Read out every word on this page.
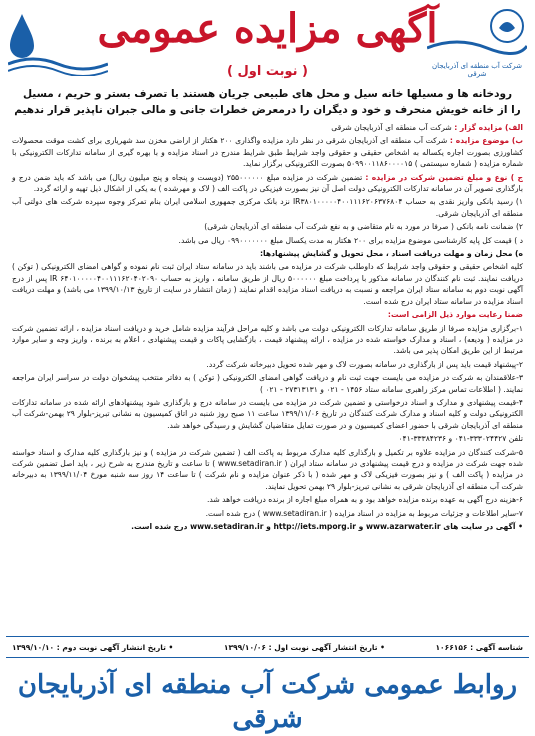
آگهی مزایده عمومی
( نوبت اول )	شرکت آب منطقه ای آذربایجان شرقی
رودخانه ها و مسیلها خانه سیل و محل های طبیعی جریان هستند با تصرف بستر و حریم ، مسیل
را از خانه خویش منحرف و خود و دیگران را درمعرض خطرات جانی و مالی جبران ناپذیر قرار ندهیم

الف) مزایده گزار : شرکت آب منطقه ای آذربایجان شرقی

ب) موضوع مزایده : شرکت آب منطقه ای آذربایجان شرقی در نظر دارد مزایده واگذاری ۲۰۰ هکتار از اراضی مخزن سد شهریاری برای کشت موقت محصولات کشاورزی بصورت اجاره یکساله به اشخاص حقیقی و حقوقی واجد شرایط طبق شرایط مندرج در اسناد مزایده و با بهره گیری از سامانه تدارکات الکترونیکی با شماره مزایده ( شماره سیستمی ) ۵۰۹۹۰۰۱۱۸۶۰۰۰۰۱۵ بصورت الکترونیکی برگزار نماید.

ج ) نوع و مبلغ تضمین شرکت در مزایده : تضمین شرکت در مزایده مبلغ ۲۵۵۰۰۰۰۰۰ (دویست و پنجاه و پنج میلیون ریال) می باشد که باید ضمن درج و بارگذاری تصویر آن در سامانه تدارکات الکترونیکی دولت اصل آن نیز بصورت فیزیکی در پاکت الف ( لاک و مهرشده ) به یکی از اشکال ذیل تهیه و ارائه گردد.

۱) رسید بانکی واریز نقدی به حساب IR۳۸۰۱۰۰۰۰۰۴۰۰۱۱۱۶۲۰۶۳۷۶۸۰۴ نزد بانک مرکزی جمهوری اسلامی ایران بنام تمرکز وجوه سپرده شرکت های دولتی آب منطقه ای آذربایجان شرقی.

۲) ضمانت نامه بانکی ( صرفا در مورد به نام متقاضی و به نفع شرکت آب منطقه ای آذربایجان شرقی)

د ) قیمت کل پایه کارشناسی موضوع مزایده برای ۲۰۰ هکتار به مدت یکسال مبلغ ۰۹۹۰۰۰۰۰۰۰ ریال می باشد.

ه) محل زمان و مهلت دریافت اسناد ، محل تحویل و گشایش پیشنهادها:

کلیه اشخاص حقیقی و حقوقی واجد شرایط که داوطلب شرکت در مزایده می باشند باید در سامانه ستاد ایران ثبت نام نموده و گواهی امضای الکترونیکی ( توکن ) دریافت نمایند. ثبت نام کنندگان در سامانه مذکور با پرداخت مبلغ ۵۰۰۰۰۰۰ ریال از طریق سامانه ، واریز به حساب IR ۶۴۰۱۰۰۰۰۰۴۰۰۱۱۱۶۲۰۴۰۲۰۹۰ پس از درج آگهی نوبت دوم به سامانه ستاد ایران مراجعه و نسبت به دریافت اسناد مزایده اقدام نمایند ( زمان انتشار در سایت از تاریخ ۱۳۹۹/۱۰/۱۳ می باشد) و مهلت دریافت اسناد مزایده در سامانه ستاد ایران درج شده است.

ضمنا رعایت موارد ذیل الزامی است:

۱-برگزاری مزایده صرفا از طریق سامانه تدارکات الکترونیکی دولت می باشد و کلیه مراحل فرآیند مزایده شامل خرید و دریافت اسناد مزایده ، ارائه تضمین شرکت در مزایده ( ودیعه) ، اسناد و مدارک خواسته شده در مزایده ، ارائه پیشنهاد قیمت ، بازگشایی پاکات و قیمت پیشنهادی ، اعلام به برنده ، واریز وجه و سایر موارد مرتبط از این طریق امکان پذیر می باشد.

۲-پیشنهاد قیمت باید پس از بارگذاری در سامانه بصورت لاک و مهر شده تحویل دبیرخانه شرکت گردد.

۳-علاقمندان به شرکت در مزایده می بایست جهت ثبت نام و دریافت گواهی امضای الکترونیکی ( توکن ) به دفاتر منتخب پیشخوان دولت در سراسر ایران مراجعه نمایند. ( اطلاعات تماس مرکز راهبری سامانه ستاد ۱۴۵۶ - ۰۲۱ و ۲۷۳۱۳۱۳۱ - ۰۲۱ )

۴-قیمت پیشنهادی و مدارک و اسناد درخواستی و تضمین شرکت در مزایده می بایست در سامانه درج و بارگذاری شود پیشنهادهای ارائه شده در سامانه تدارکات الکترونیکی دولت و کلیه اسناد و مدارک شرکت کنندگان در تاریخ ۱۳۹۹/۱۱/۰۶ ساعت ۱۱ صبح روز شنبه در اتاق کمیسیون به نشانی تبریز-بلوار ۲۹ بهمن-شرکت آب منطقه ای آذربایجان شرقی با حضور اعضای کمیسیون و در صورت تمایل متقاضیان گشایش و رسیدگی خواهد شد.

تلفن ۳۳۳۰۲۴۴۲۷-۰۴۱ و ۳۳۳۸۴۲۳۶-۰۴۱

۵-شرکت کنندگان در مزایده علاوه بر تکمیل و بارگذاری کلیه مدارک مربوط به پاکت الف ( تضمین شرکت در مزایده ) و نیز بارگذاری کلیه مدارک و اسناد خواسته شده جهت شرکت در مزایده و درج قیمت پیشنهادی در سامانه ستاد ایران ( www.setadiran.ir ) تا ساعت و تاریخ مندرج به شرح زیر ، باید اصل تضمین شرکت در مزایده ( پاکت الف ) و نیز بصورت فیزیکی لاک و مهر شده ( با ذکر عنوان مزایده و نام شرکت ) تا ساعت ۱۴ روز سه شنبه مورخ ۱۳۹۹/۱۱/۰۴ به دبیرخانه شرکت آب منطقه ای آذربایجان شرقی به نشانی تبریز-بلوار ۲۹ بهمن تحویل نمایند.

۶-هزینه درج آگهی به عهده برنده مزایده خواهد بود و به همراه مبلغ اجاره از برنده دریافت خواهد شد.

۷-سایر اطلاعات و جزئیات مربوط به مزایده در اسناد مزایده ( www.setadiran.ir ) درج شده است.

• آگهی در سایت های www.azarwater.ir و http://iets.mporg.ir و www.setadiran.ir درج شده است.

شناسه آگهی : ۱۰۶۶۱۵۶
• تاریخ انتشار آگهی نوبت اول : ۱۳۹۹/۱۰/۰۶
• تاریخ انتشار آگهی نوبت دوم : ۱۳۹۹/۱۰/۱۰
روابط عمومی شرکت آب منطقه ای آذربایجان شرقی
